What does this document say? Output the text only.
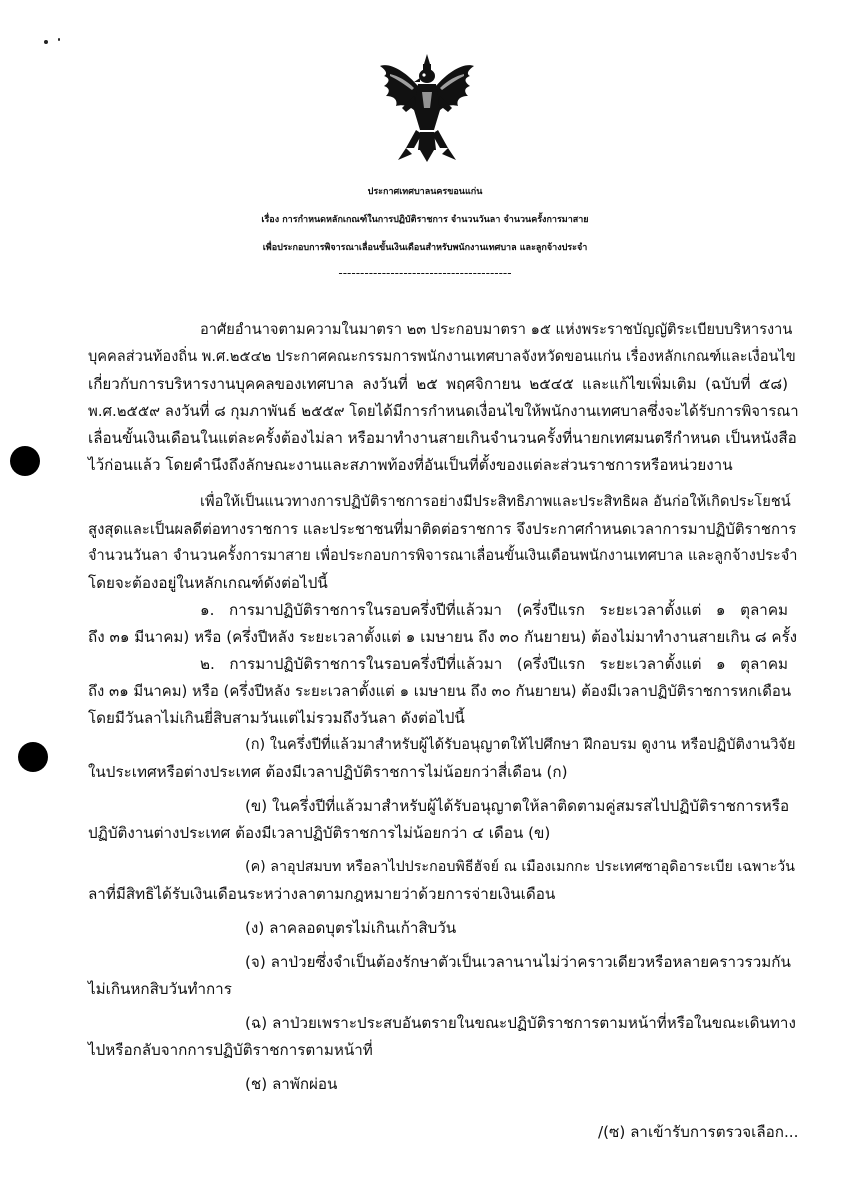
ประกาศเทศบาลนครขอนแก่น
เรื่อง การกำหนดหลักเกณฑ์ในการปฏิบัติราชการ จำนวนวันลา จำนวนครั้งการมาสาย
เพื่อประกอบการพิจารณาเลื่อนขั้นเงินเดือนสำหรับพนักงานเทศบาล และลูกจ้างประจำ
----------------------------------------
อาศัยอำนาจตามความในมาตรา ๒๓ ประกอบมาตรา ๑๕ แห่งพระราชบัญญัติระเบียบบริหารงาน
บุคคลส่วนท้องถิ่น พ.ศ.๒๕๔๒ ประกาศคณะกรรมการพนักงานเทศบาลจังหวัดขอนแก่น เรื่องหลักเกณฑ์และเงื่อนไข
เกี่ยวกับการบริหารงานบุคคลของเทศบาล ลงวันที่ ๒๕ พฤศจิกายน ๒๕๔๕ และแก้ไขเพิ่มเติม (ฉบับที่ ๕๘)
พ.ศ.๒๕๕๙ ลงวันที่ ๘ กุมภาพันธ์ ๒๕๕๙ โดยได้มีการกำหนดเงื่อนไขให้พนักงานเทศบาลซึ่งจะได้รับการพิจารณา
เลื่อนขั้นเงินเดือนในแต่ละครั้งต้องไม่ลา หรือมาทำงานสายเกินจำนวนครั้งที่นายกเทศมนตรีกำหนด เป็นหนังสือ
ไว้ก่อนแล้ว โดยคำนึงถึงลักษณะงานและสภาพท้องที่อันเป็นที่ตั้งของแต่ละส่วนราชการหรือหน่วยงาน
เพื่อให้เป็นแนวทางการปฏิบัติราชการอย่างมีประสิทธิภาพและประสิทธิผล อันก่อให้เกิดประโยชน์
สูงสุดและเป็นผลดีต่อทางราชการ และประชาชนที่มาติดต่อราชการ จึงประกาศกำหนดเวลาการมาปฏิบัติราชการ
จำนวนวันลา จำนวนครั้งการมาสาย เพื่อประกอบการพิจารณาเลื่อนขั้นเงินเดือนพนักงานเทศบาล และลูกจ้างประจำ
โดยจะต้องอยู่ในหลักเกณฑ์ดังต่อไปนี้
๑. การมาปฏิบัติราชการในรอบครึ่งปีที่แล้วมา (ครึ่งปีแรก ระยะเวลาตั้งแต่ ๑ ตุลาคม
ถึง ๓๑ มีนาคม) หรือ (ครึ่งปีหลัง ระยะเวลาตั้งแต่ ๑ เมษายน ถึง ๓๐ กันยายน) ต้องไม่มาทำงานสายเกิน ๘ ครั้ง
๒. การมาปฏิบัติราชการในรอบครึ่งปีที่แล้วมา (ครึ่งปีแรก ระยะเวลาตั้งแต่ ๑ ตุลาคม
ถึง ๓๑ มีนาคม) หรือ (ครึ่งปีหลัง ระยะเวลาตั้งแต่ ๑ เมษายน ถึง ๓๐ กันยายน) ต้องมีเวลาปฏิบัติราชการหกเดือน
โดยมีวันลาไม่เกินยี่สิบสามวันแต่ไม่รวมถึงวันลา ดังต่อไปนี้
(ก) ในครึ่งปีที่แล้วมาสำหรับผู้ได้รับอนุญาตให้ไปศึกษา ฝึกอบรม ดูงาน หรือปฏิบัติงานวิจัย
ในประเทศหรือต่างประเทศ ต้องมีเวลาปฏิบัติราชการไม่น้อยกว่าสี่เดือน (ก)
(ข) ในครึ่งปีที่แล้วมาสำหรับผู้ได้รับอนุญาตให้ลาติดตามคู่สมรสไปปฏิบัติราชการหรือ
ปฏิบัติงานต่างประเทศ ต้องมีเวลาปฏิบัติราชการไม่น้อยกว่า ๔ เดือน (ข)
(ค) ลาอุปสมบท หรือลาไปประกอบพิธีฮัจย์ ณ เมืองเมกกะ ประเทศซาอุดิอาระเบีย เฉพาะวัน
ลาที่มีสิทธิได้รับเงินเดือนระหว่างลาตามกฎหมายว่าด้วยการจ่ายเงินเดือน
(ง) ลาคลอดบุตรไม่เกินเก้าสิบวัน
(จ) ลาป่วยซึ่งจำเป็นต้องรักษาตัวเป็นเวลานานไม่ว่าคราวเดียวหรือหลายคราวรวมกัน
ไม่เกินหกสิบวันทำการ
(ฉ) ลาป่วยเพราะประสบอันตรายในขณะปฏิบัติราชการตามหน้าที่หรือในขณะเดินทาง
ไปหรือกลับจากการปฏิบัติราชการตามหน้าที่
(ช) ลาพักผ่อน
/(ซ) ลาเข้ารับการตรวจเลือก...
